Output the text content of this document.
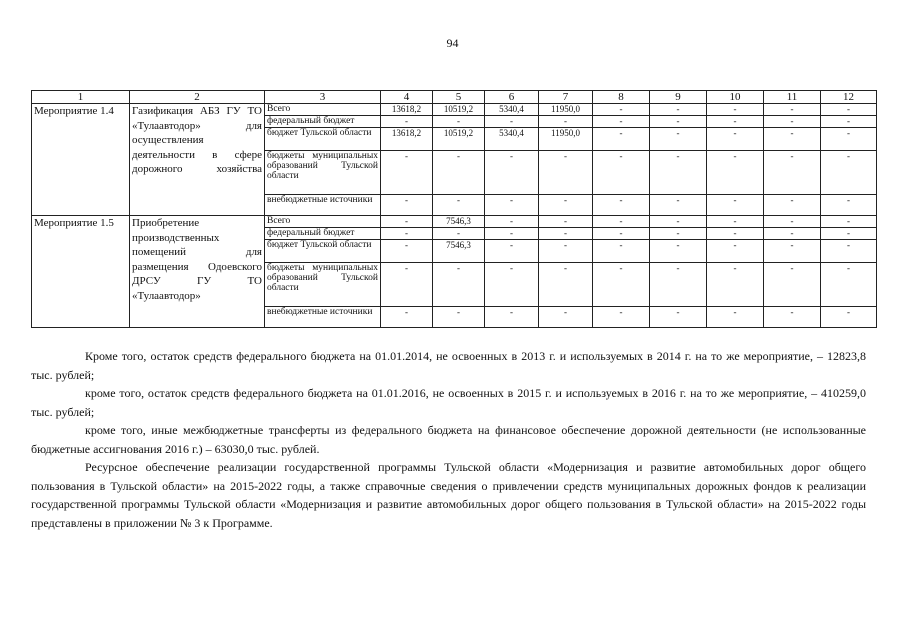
94
1	2	3	4	5	6	7	8	9	10	11	12
Мероприятие 1.4	Газификация АБЗ ГУ ТО «Тулаавтодор» для осуществления деятельности в сфере дорожного хозяйства	Всего	13618,2	10519,2	5340,4	11950,0	-	-	-	-	-
		федеральный бюджет	-	-	-	-	-	-	-	-	-
		бюджет Тульской области	13618,2	10519,2	5340,4	11950,0	-	-	-	-	-
		бюджеты муниципальных образований Тульской области	-	-	-	-	-	-	-	-	-
		внебюджетные источники	-	-	-	-	-	-	-	-	-
Мероприятие 1.5	Приобретение производственных помещений для размещения Одоевского ДРСУ ГУ ТО «Тулаавтодор»	Всего	-	7546,3	-	-	-	-	-	-	-
		федеральный бюджет	-	-	-	-	-	-	-	-	-
		бюджет Тульской области	-	7546,3	-	-	-	-	-	-	-
		бюджеты муниципальных образований Тульской области	-	-	-	-	-	-	-	-	-
		внебюджетные источники	-	-	-	-	-	-	-	-	-

Кроме того, остаток средств федерального бюджета на 01.01.2014, не освоенных в 2013 г. и используемых в 2014 г. на то же мероприятие, – 12823,8 тыс. рублей;

кроме того, остаток средств федерального бюджета на 01.01.2016, не освоенных в 2015 г. и используемых в 2016 г. на то же мероприятие, – 410259,0 тыс. рублей;

кроме того, иные межбюджетные трансферты из федерального бюджета на финансовое обеспечение дорожной деятельности (не использованные бюджетные ассигнования 2016 г.) – 63030,0 тыс. рублей.

Ресурсное обеспечение реализации государственной программы Тульской области «Модернизация и развитие автомобильных дорог общего пользования в Тульской области» на 2015-2022 годы, а также справочные сведения о привлечении средств муниципальных дорожных фондов к реализации государственной программы Тульской области «Модернизация и развитие автомобильных дорог общего пользования в Тульской области» на 2015-2022 годы представлены в приложении № 3 к Программе.
